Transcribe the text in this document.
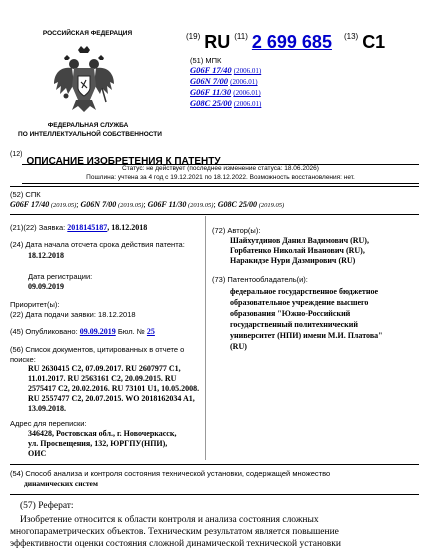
РОССИЙСКАЯ ФЕДЕРАЦИЯ
ФЕДЕРАЛЬНАЯ СЛУЖБА
ПО ИНТЕЛЛЕКТУАЛЬНОЙ СОБСТВЕННОСТИ
$^{(19)}$ RU $^{(11)}$ 2 699 685 $^{(13)}$ C1
(51) МПК
G06F 17/40 (2006.01)
G06N 7/00 (2006.01)
G06F 11/30 (2006.01)
G08C 25/00 (2006.01)
$^{(12)}$ ОПИСАНИЕ ИЗОБРЕТЕНИЯ К ПАТЕНТУ
Статус: не действует (последнее изменение статуса: 18.06.2026)
Пошлина: учтена за 4 год с 19.12.2021 по 18.12.2022. Возможность восстановления: нет.
(52) СПК
G06F 17/40 (2019.05); G06N 7/00 (2019.05); G06F 11/30 (2019.05); G08C 25/00 (2019.05)
(21)(22) Заявка: 2018145187, 18.12.2018
(24) Дата начала отсчета срока действия патента:
18.12.2018
Дата регистрации:
09.09.2019
Приоритет(ы):
(22) Дата подачи заявки: 18.12.2018
(45) Опубликовано: 09.09.2019 Бюл. № 25
(56) Список документов, цитированных в отчете о поиске:
RU 2630415 C2, 07.09.2017. RU 2607977 C1, 11.01.2017. RU 2563161 C2, 20.09.2015. RU 2575417 C2, 20.02.2016. RU 73101 U1, 10.05.2008. RU 2557477 C2, 20.07.2015. WO 2018162034 A1, 13.09.2018.
Адрес для переписки:
346428, Ростовская обл., г. Новочеркасск,
ул. Просвещения, 132, ЮРГПУ(НПИ),
ОИС
(72) Автор(ы):
Шайхутдинов Данил Вадимович (RU),
Горбатенко Николай Иванович (RU),
Наракидзе Нури Дазмирович (RU)
(73) Патентообладатель(и):
федеральное государственное бюджетное
образовательное учреждение высшего
образования "Южно-Российский
государственный политехнический
университет (НПИ) имени М.И. Платова"
(RU)
(54) Способ анализа и контроля состояния технической установки, содержащей множество
динамических систем
(57) Реферат:
Изобретение относится к области контроля и анализа состояния сложных
многопараметрических объектов. Техническим результатом является повышение
эффективности оценки состояния сложной динамической технической установки
